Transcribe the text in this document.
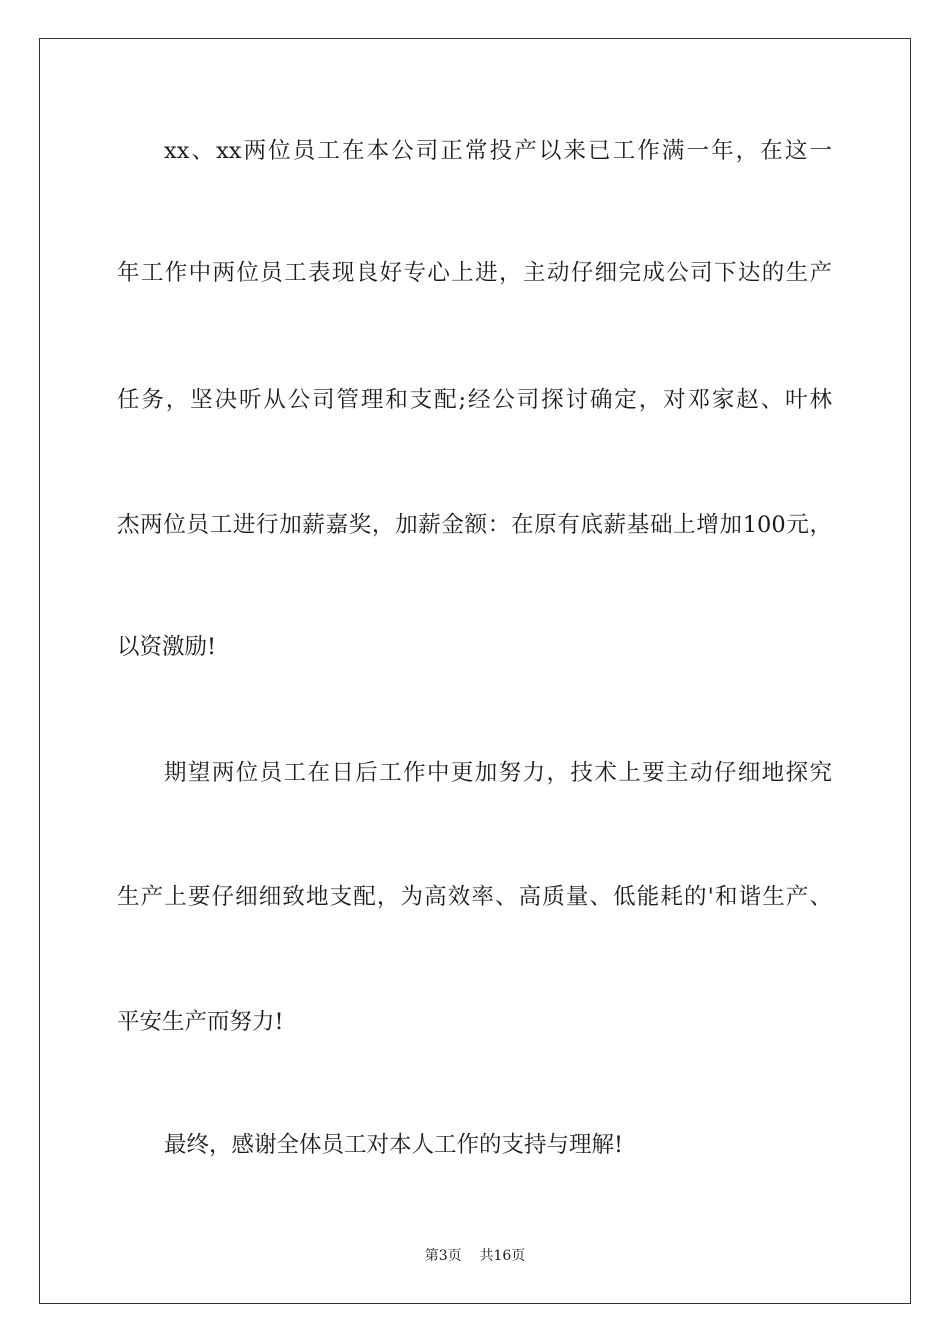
xx、xx两位员工在本公司正常投产以来已工作满一年，在这一
年工作中两位员工表现良好专心上进，主动仔细完成公司下达的生产
任务，坚决听从公司管理和支配;经公司探讨确定，对邓家赵、叶林
杰两位员工进行加薪嘉奖，加薪金额：在原有底薪基础上增加100元，
以资激励!
期望两位员工在日后工作中更加努力，技术上要主动仔细地探究
生产上要仔细细致地支配，为高效率、高质量、低能耗的'和谐生产、
平安生产而努力!
最终，感谢全体员工对本人工作的支持与理解!
第3页    共16页
